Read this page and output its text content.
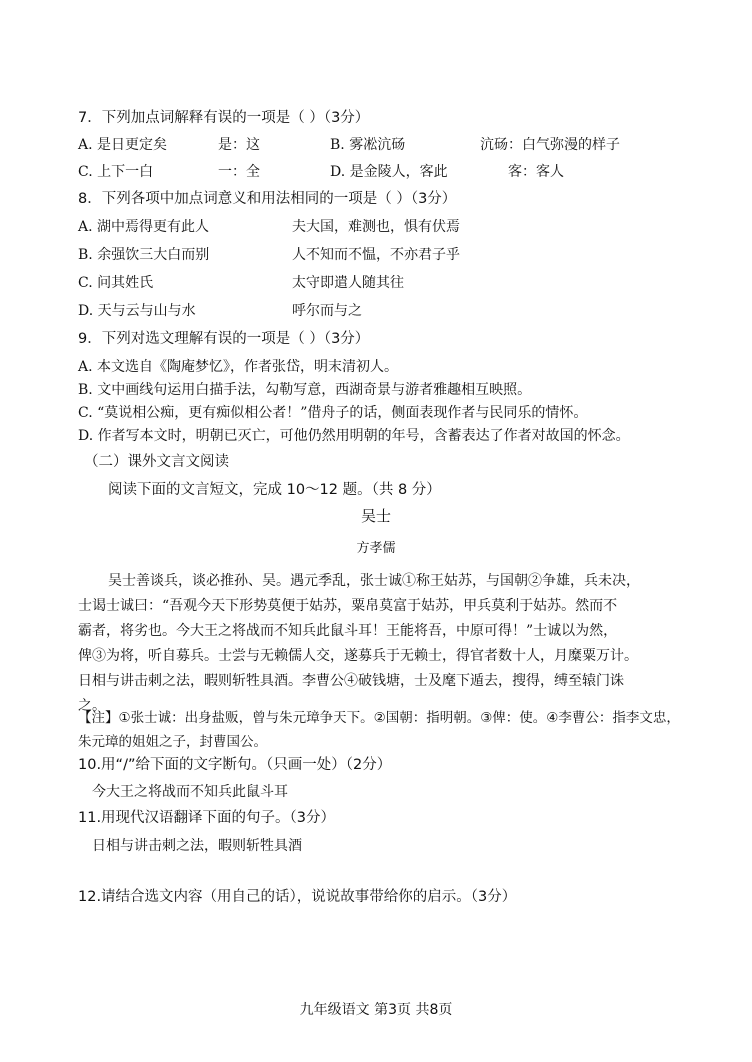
7．下列加点词解释有误的一项是（ ）（3分）
A. 是日更定矣	是：这	B. 雾凇沆砀	沆砀：白气弥漫的样子
C. 上下一白	一：全	D. 是金陵人，客此	客：客人
8．下列各项中加点词意义和用法相同的一项是（ ）（3分）
A. 湖中焉得更有此人	夫大国，难测也，惧有伏焉
B. 余强饮三大白而别	人不知而不愠，不亦君子乎
C. 问其姓氏	太守即遣人随其往
D. 天与云与山与水	呼尔而与之
9．下列对选文理解有误的一项是（ ）（3分）
A. 本文选自《陶庵梦忆》，作者张岱，明末清初人。
B. 文中画线句运用白描手法，勾勒写意，西湖奇景与游者雅趣相互映照。
C. “莫说相公痴，更有痴似相公者！”借舟子的话，侧面表现作者与民同乐的情怀。
D. 作者写本文时，明朝已灭亡，可他仍然用明朝的年号，含蓄表达了作者对故国的怀念。
（二）课外文言文阅读
阅读下面的文言短文，完成 10～12 题。（共 8 分）
吴士
方孝儒
吴士善谈兵，谈必推孙、吴。遇元季乱，张士诚①称王姑苏，与国朝②争雄，兵未决，
士谒士诚曰：“吾观今天下形势莫便于姑苏，粟帛莫富于姑苏，甲兵莫利于姑苏。然而不
霸者，将劣也。今大王之将战而不知兵此鼠斗耳！王能将吾，中原可得！”士诚以为然，
俾③为将，听自募兵。士尝与无赖儒人交，遂募兵于无赖士，得官者数十人，月糜粟万计。
日相与讲击刺之法，暇则斩牲具酒。李曹公④破钱塘，士及麾下遁去，搜得，缚至辕门诛
之。
【注】①张士诚：出身盐贩，曾与朱元璋争天下。②国朝：指明朝。③俾：使。④李曹公：指李文忠，
朱元璋的姐姐之子，封曹国公。
10.用“/”给下面的文字断句。（只画一处）（2分）
今大王之将战而不知兵此鼠斗耳
11.用现代汉语翻译下面的句子。（3分）
日相与讲击刺之法，暇则斩牲具酒
12.请结合选文内容（用自己的话），说说故事带给你的启示。（3分）
九年级语文 第3页 共8页
